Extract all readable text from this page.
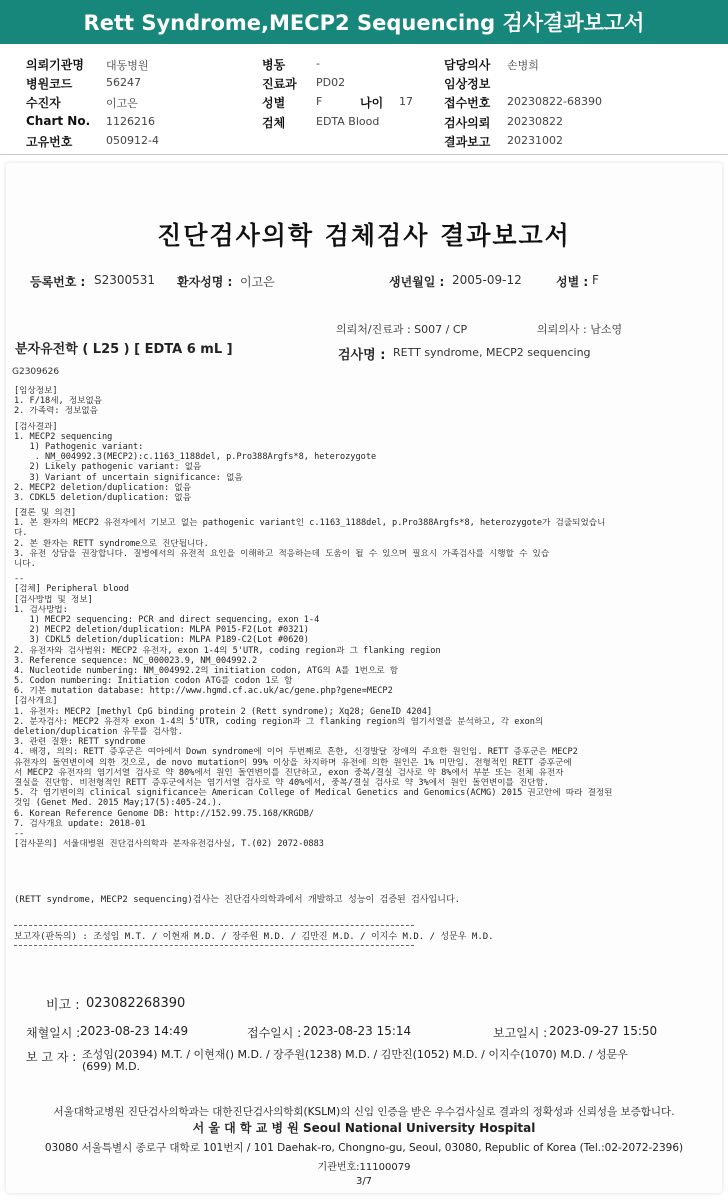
Rett Syndrome,MECP2 Sequencing 검사결과보고서
의뢰기관명 대동병원
병원코드	56247
수진자	이고은
Chart No. 1126216
고유번호	050912-4
병동	-
진료과 PD02
성별	F	나이 17
검체	EDTA Blood
담당의사 손병희
임상정보
접수번호 20230822-68390
검사의뢰 20230822
결과보고 20231002
진단검사의학 검체검사 결과보고서
등록번호 : S2300531 환자성명 : 이고은	생년월일 : 2005-09-12	성별 : F
의뢰처/진료과 : S007 / CP	의뢰의사 : 남소영
분자유전학 ( L25 ) [ EDTA 6 mL ]	검사명 : RETT syndrome, MECP2 sequencing
G2309626
[임상정보]
1. F/18세, 정보없음
2. 가족력: 정보없음
[검사결과]
1. MECP2 sequencing
1) Pathogenic variant:
. NM_004992.3(MECP2):c.1163_1188del, p.Pro388Argfs*8, heterozygote
2) Likely pathogenic variant: 없음
3) Variant of uncertain significance: 없음
2. MECP2 deletion/duplication: 없음
3. CDKL5 deletion/duplication: 없음
[결론 및 의견]
1. 본 환자의 MECP2 유전자에서 기보고 없는 pathogenic variant인 c.1163_1188del, p.Pro388Argfs*8, heterozygote가 검출되었습니
다.
2. 본 환자는 RETT syndrome으로 진단됩니다.
3. 유전 상담을 권장합니다. 질병에서의 유전적 요인을 이해하고 적응하는데 도움이 될 수 있으며 필요시 가족검사를 시행할 수 있습
니다.
--
[검체] Peripheral blood
[검사방법 및 정보]
1. 검사방법:
1) MECP2 sequencing: PCR and direct sequencing, exon 1-4
2) MECP2 deletion/duplication: MLPA P015-F2(Lot #0321)
3) CDKL5 deletion/duplication: MLPA P189-C2(Lot #0620)
2. 유전자와 검사범위: MECP2 유전자, exon 1-4의 5'UTR, coding region과 그 flanking region
3. Reference sequence: NC_000023.9, NM_004992.2
4. Nucleotide numbering: NM_004992.2의 initiation codon, ATG의 A를 1번으로 함
5. Codon numbering: Initiation codon ATG를 codon 1로 함
6. 기본 mutation database: http://www.hgmd.cf.ac.uk/ac/gene.php?gene=MECP2
[검사개요]
1. 유전자: MECP2 [methyl CpG binding protein 2 (Rett syndrome); Xq28; GeneID 4204]
2. 분자검사: MECP2 유전자 exon 1-4의 5'UTR, coding region과 그 flanking region의 염기서열을 분석하고, 각 exon의
deletion/duplication 유무를 검사함.
3. 관련 질환: RETT syndrome
4. 배경, 의의: RETT 증후군은 여아에서 Down syndrome에 이어 두번째로 흔한, 신경발달 장애의 주요한 원인임. RETT 증후군은 MECP2
유전자의 돌연변이에 의한 것으로, de novo mutation이 99% 이상을 차지하며 유전에 의한 원인은 1% 미만임. 전형적인 RETT 증후군에
서 MECP2 유전자의 염기서열 검사로 약 80%에서 원인 돌연변이를 진단하고, exon 중복/결실 검사로 약 8%에서 부분 또는 전체 유전자
결실을 진단함. 비전형적인 RETT 증후군에서는 염기서열 검사로 약 40%에서, 중복/결실 검사로 약 3%에서 원인 돌연변이를 진단함.
5. 각 염기변이의 clinical significance는 American College of Medical Genetics and Genomics(ACMG) 2015 권고안에 따라 결정된
것임 (Genet Med. 2015 May;17(5):405-24.).
6. Korean Reference Genome DB: http://152.99.75.168/KRGDB/
7. 검사개요 update: 2018-01
--
[검사문의] 서울대병원 진단검사의학과 분자유전검사실, T.(02) 2072-0883
(RETT syndrome, MECP2 sequencing)검사는 진단검사의학과에서 개발하고 성능이 검증된 검사입니다.
보고자(판독의) : 조성임 M.T. / 이현재 M.D. / 장주원 M.D. / 김만진 M.D. / 이지수 M.D. / 성문우 M.D.
비고 : 023082268390
채혈일시 : 2023-08-23 14:49	접수일시 : 2023-08-23 15:14	보고일시 : 2023-09-27 15:50
보 고 자 : 조성임(20394) M.T. / 이현재() M.D. / 장주원(1238) M.D. / 김만진(1052) M.D. / 이지수(1070) M.D. / 성문우
(699) M.D.
서울대학교병원 진단검사의학과는 대한진단검사의학회(KSLM)의 신임 인증을 받은 우수검사실로 결과의 정확성과 신뢰성을 보증합니다.
서 울 대 학 교 병 원 Seoul National University Hospital
03080 서울특별시 종로구 대학로 101번지 / 101 Daehak-ro, Chongno-gu, Seoul, 03080, Republic of Korea (Tel.:02-2072-2396)
기관번호:11100079
3/7
